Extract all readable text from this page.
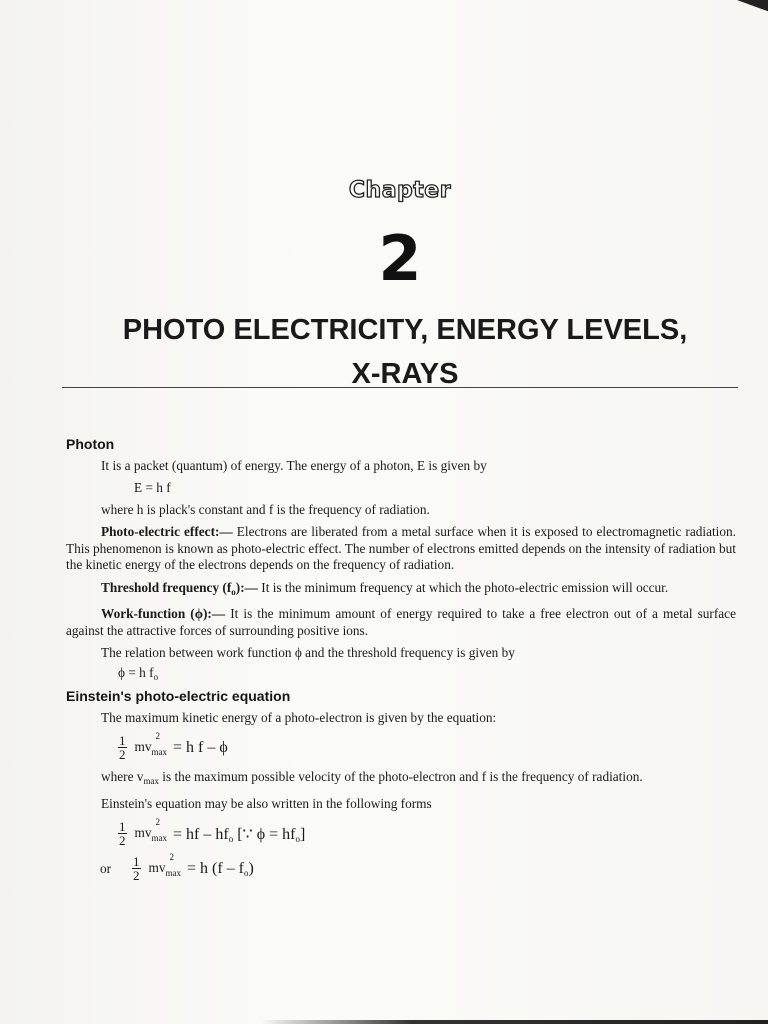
Chapter
2
PHOTO ELECTRICITY, ENERGY LEVELS,
X-RAYS
Photon

It is a packet (quantum) of energy. The energy of a photon, E is given by

E = h f

where h is plack's constant and f is the frequency of radiation.

Photo-electric effect:— Electrons are liberated from a metal surface when it is exposed to electromagnetic radiation. This phenomenon is known as photo-electric effect. The number of electrons emitted depends on the intensity of radiation but the kinetic energy of the electrons depends on the frequency of radiation.

Threshold frequency $(f_o):—$ It is the minimum frequency at which the photo-electric emission will occur.

Work-function (ϕ):— It is the minimum amount of energy required to take a free electron out of a metal surface against the attractive forces of surrounding positive ions.

The relation between work function ϕ and the threshold frequency is given by

ϕ = h $f_o$
Einstein's photo-electric equation

The maximum kinetic energy of a photo-electron is given by the equation:

$\frac{1}{2}$ mv
2
$_{max}$ = h f – ϕ

where $v_{max}$ is the maximum possible velocity of the photo-electron and f is the frequency of radiation.

Einstein's equation may be also written in the following forms

$\frac{1}{2}$ mv
2
$_{max}$ = hf – $hf_o$ [∵ $\phi = hf_o$]
or	$\frac{1}{2}$ mv
2
$_{max}$ = h $(f - f_o)$
